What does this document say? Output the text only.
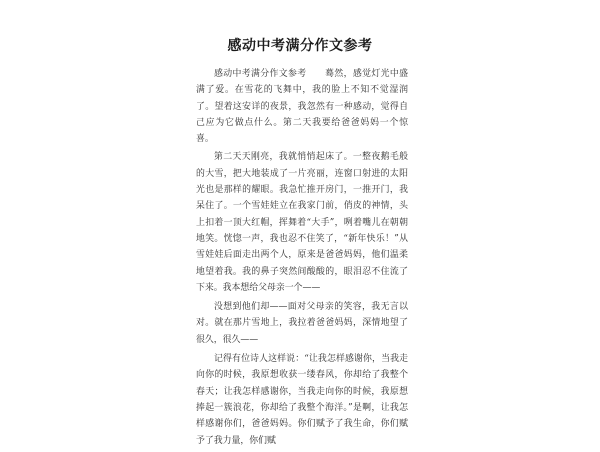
感动中考满分作文参考

感动中考满分作文参考　　蓦然，感觉灯光中盛满了爱。在雪花的飞舞中，我的脸上不知不觉湿润了。望着这安详的夜景，我忽然有一种感动，觉得自己应为它做点什么。第二天我要给爸爸妈妈一个惊喜。

第二天天刚亮，我就悄悄起床了。一整夜鹅毛般的大雪，把大地装成了一片亮丽，连窗口射进的太阳光也是那样的耀眼。我急忙推开房门，一推开门，我呆住了。一个雪娃娃立在我家门前，俏皮的神情，头上扣着一顶大红帽，挥舞着“大手”，咧着嘴儿在朝朝地笑。恍惚一声，我也忍不住笑了，“新年快乐！”从雪娃娃后面走出两个人，原来是爸爸妈妈，他们温柔地望着我。我的鼻子突然间酸酸的，眼泪忍不住流了下来。我本想给父母亲一个——

没想到他们却——面对父母亲的笑容，我无言以对。就在那片雪地上，我拉着爸爸妈妈，深情地望了很久，很久——

记得有位诗人这样说：“让我怎样感谢你，当我走向你的时候，我原想收获一缕春风，你却给了我整个春天；让我怎样感谢你，当我走向你的时候，我原想捧起一簇浪花，你却给了我整个海洋。”是啊，让我怎样感谢你们，爸爸妈妈。你们赋予了我生命，你们赋予了我力量，你们赋
